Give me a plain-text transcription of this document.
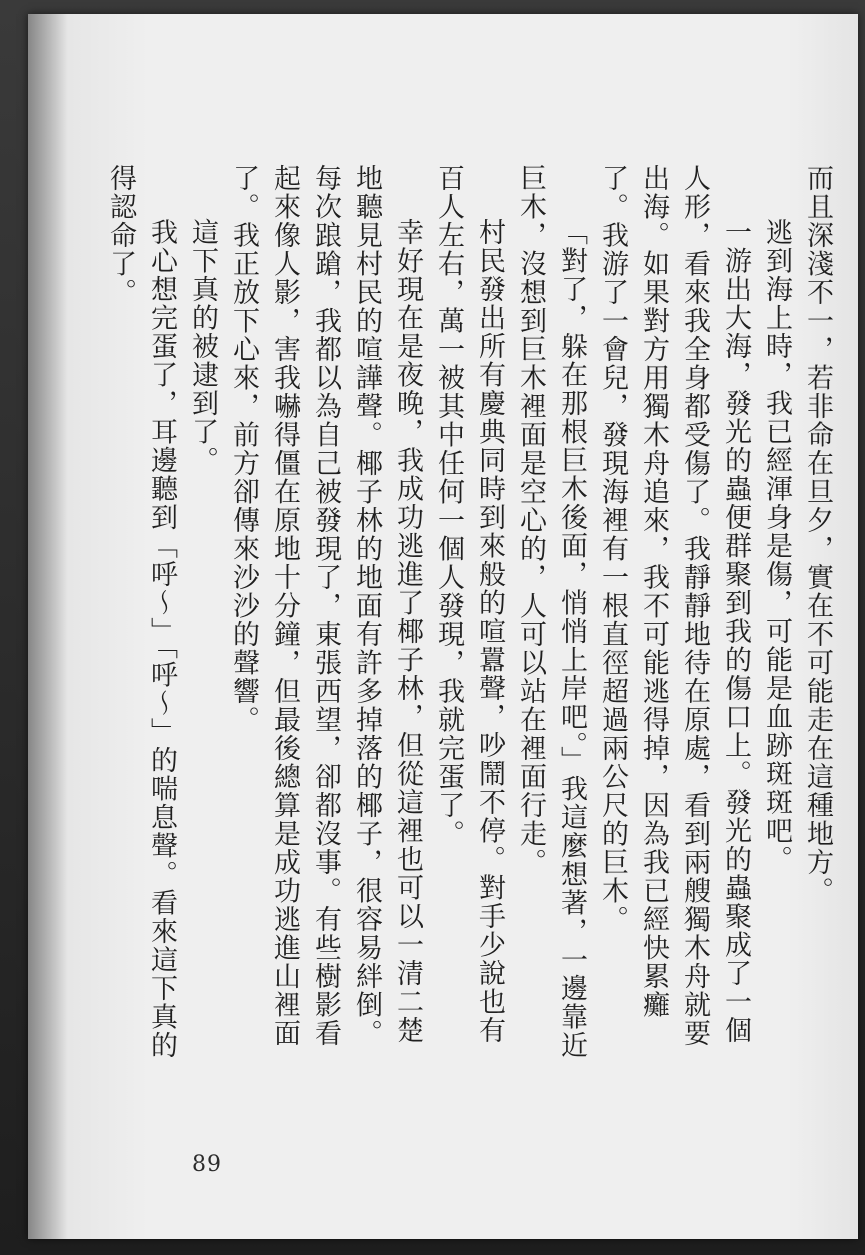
而且深淺不一，若非命在旦夕，實在不可能走在這種地方。

逃到海上時，我已經渾身是傷，可能是血跡斑斑吧。

一游出大海，發光的蟲便群聚到我的傷口上。發光的蟲聚成了一個人形，看來我全身都受傷了。我靜靜地待在原處，看到兩艘獨木舟就要出海。如果對方用獨木舟追來，我不可能逃得掉，因為我已經快累癱了。我游了一會兒，發現海裡有一根直徑超過兩公尺的巨木。

「對了，躲在那根巨木後面，悄悄上岸吧。」我這麼想著，一邊靠近巨木，沒想到巨木裡面是空心的，人可以站在裡面行走。

村民發出所有慶典同時到來般的喧囂聲，吵鬧不停。對手少說也有百人左右，萬一被其中任何一個人發現，我就完蛋了。

幸好現在是夜晚，我成功逃進了椰子林，但從這裡也可以一清二楚地聽見村民的喧譁聲。椰子林的地面有許多掉落的椰子，很容易絆倒。每次踉蹌，我都以為自己被發現了，東張西望，卻都沒事。有些樹影看起來像人影，害我嚇得僵在原地十分鐘，但最後總算是成功逃進山裡面了。我正放下心來，前方卻傳來沙沙的聲響。

這下真的被逮到了。

我心想完蛋了，耳邊聽到「呼～」「呼～」的喘息聲。看來這下真的得認命了。

89
